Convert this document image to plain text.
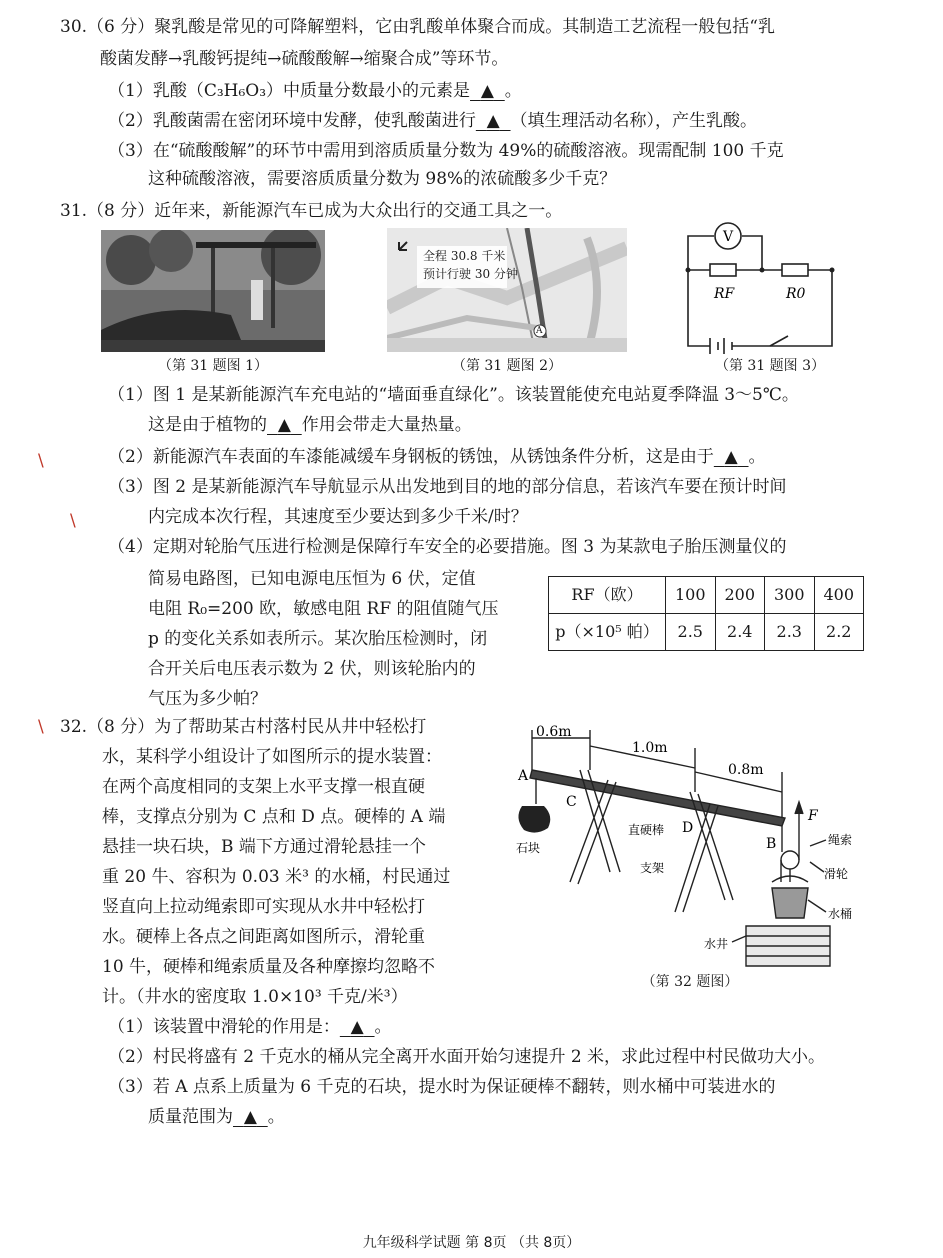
30.（6 分）聚乳酸是常见的可降解塑料，它由乳酸单体聚合而成。其制造工艺流程一般包括“乳
酸菌发酵→乳酸钙提纯→硫酸酸解→缩聚合成”等环节。
（1）乳酸（C₃H₆O₃）中质量分数最小的元素是 ▲ 。
（2）乳酸菌需在密闭环境中发酵，使乳酸菌进行 ▲ （填生理活动名称），产生乳酸。
（3）在“硫酸酸解”的环节中需用到溶质质量分数为 49%的硫酸溶液。现需配制 100 千克
这种硫酸溶液，需要溶质质量分数为 98%的浓硫酸多少千克？
31.（8 分）近年来，新能源汽车已成为大众出行的交通工具之一。
（第 31 题图 1）
全程 30.8 千米
预计行驶 30 分钟
A
（第 31 题图 2）
V
RF	R0
（第 31 题图 3）
（1）图 1 是某新能源汽车充电站的“墙面垂直绿化”。该装置能使充电站夏季降温 3～5℃。
这是由于植物的 ▲ 作用会带走大量热量。
（2）新能源汽车表面的车漆能减缓车身钢板的锈蚀，从锈蚀条件分析，这是由于 ▲ 。
（3）图 2 是某新能源汽车导航显示从出发地到目的地的部分信息，若该汽车要在预计时间
内完成本次行程，其速度至少要达到多少千米/时？
（4）定期对轮胎气压进行检测是保障行车安全的必要措施。图 3 为某款电子胎压测量仪的
简易电路图，已知电源电压恒为 6 伏，定值
电阻 R₀=200 欧，敏感电阻 RF 的阻值随气压
p 的变化关系如表所示。某次胎压检测时，闭
合开关后电压表示数为 2 伏，则该轮胎内的
气压为多少帕？
RF（欧）	100	200	300	400
p（×10⁵ 帕）	2.5	2.4	2.3	2.2
32.（8 分）为了帮助某古村落村民从井中轻松打
水，某科学小组设计了如图所示的提水装置：
在两个高度相同的支架上水平支撑一根直硬
棒，支撑点分别为 C 点和 D 点。硬棒的 A 端
悬挂一块石块，B 端下方通过滑轮悬挂一个
重 20 牛、容积为 0.03 米³ 的水桶，村民通过
竖直向上拉动绳索即可实现从水井中轻松打
水。硬棒上各点之间距离如图所示，滑轮重
10 牛，硬棒和绳索质量及各种摩擦均忽略不
计。（井水的密度取 1.0×10³ 千克/米³）
0.6m
1.0m
0.8m
A
C
D
B
F
石块
直硬棒
支架
绳索
滑轮
水桶
水井
（第 32 题图）
（1）该装置中滑轮的作用是： ▲ 。
（2）村民将盛有 2 千克水的桶从完全离开水面开始匀速提升 2 米，求此过程中村民做功大小。
（3）若 A 点系上质量为 6 千克的石块，提水时为保证硬棒不翻转，则水桶中可装进水的
质量范围为 ▲ 。
\
\
\
九年级科学试题 第 8页 （共 8页）
